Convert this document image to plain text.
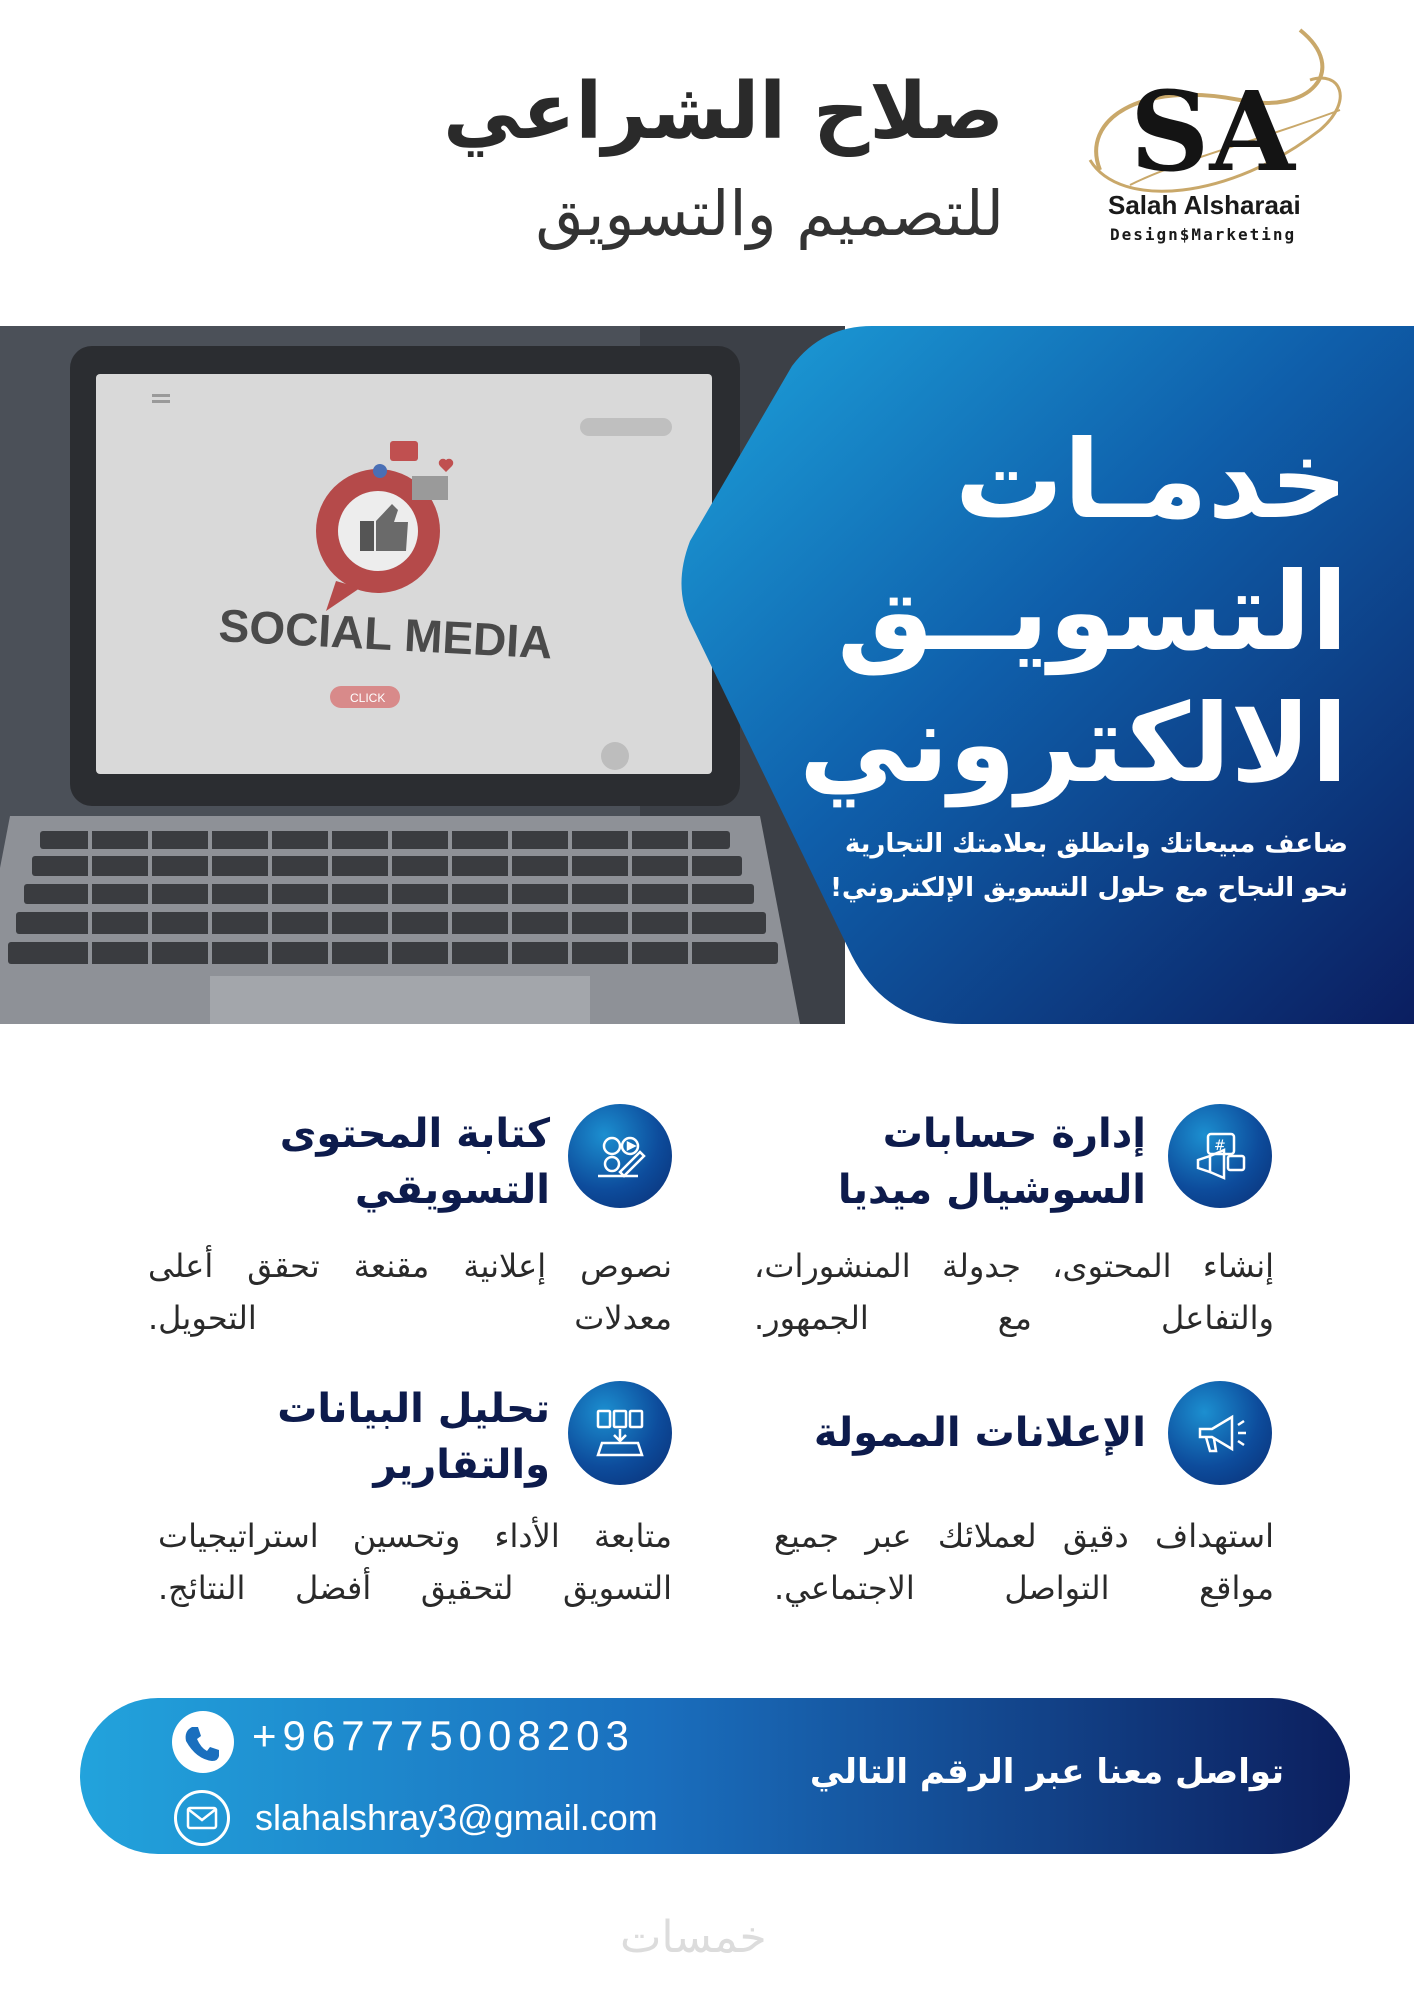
صلاح الشراعي
للتصميم والتسويق
SA
Salah Alsharaai
Design$Marketing
SOCIAL MEDIA
CLICK
خدمـات
التسويــق
الالكتروني
ضاعف مبيعاتك وانطلق بعلامتك التجارية
نحو النجاح مع حلول التسويق الإلكتروني!
#
إدارة حسابات السوشيال ميديا
إنشاء المحتوى، جدولة المنشورات، والتفاعل مع الجمهور.
كتابة المحتوى التسويقي
نصوص إعلانية مقنعة تحقق أعلى معدلات التحويل.
الإعلانات الممولة
استهداف دقيق لعملائك عبر جميع مواقع التواصل الاجتماعي.
تحليل البيانات والتقارير
متابعة الأداء وتحسين استراتيجيات التسويق لتحقيق أفضل النتائج.
تواصل معنا عبر الرقم التالي
+967775008203
slahalshray3@gmail.com
خمسات
